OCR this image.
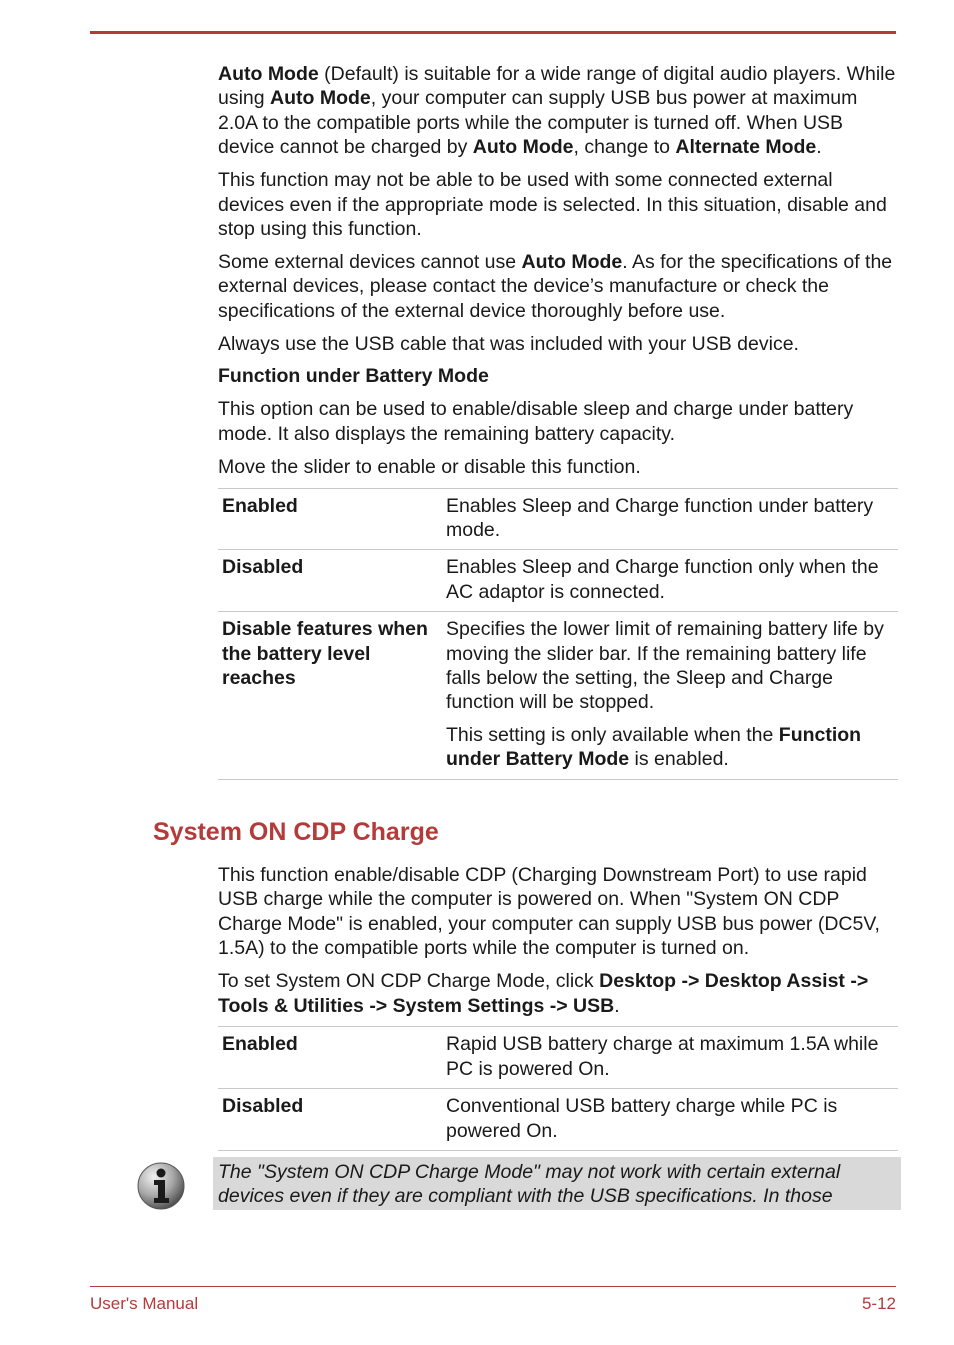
Auto Mode (Default) is suitable for a wide range of digital audio players. While using Auto Mode, your computer can supply USB bus power at maximum 2.0A to the compatible ports while the computer is turned off. When USB device cannot be charged by Auto Mode, change to Alternate Mode.

This function may not be able to be used with some connected external devices even if the appropriate mode is selected. In this situation, disable and stop using this function.

Some external devices cannot use Auto Mode. As for the specifications of the external devices, please contact the device’s manufacture or check the specifications of the external device thoroughly before use.

Always use the USB cable that was included with your USB device.

Function under Battery Mode

This option can be used to enable/disable sleep and charge under battery mode. It also displays the remaining battery capacity.

Move the slider to enable or disable this function.

Enabled	Enables Sleep and Charge function under battery mode.
Disabled	Enables Sleep and Charge function only when the AC adaptor is connected.
Disable features when the battery level reaches	Specifies the lower limit of remaining battery life by moving the slider bar. If the remaining battery life falls below the setting, the Sleep and Charge function will be stopped.

This setting is only available when the Function under Battery Mode is enabled.

System ON CDP Charge

This function enable/disable CDP (Charging Downstream Port) to use rapid USB charge while the computer is powered on. When "System ON CDP Charge Mode" is enabled, your computer can supply USB bus power (DC5V, 1.5A) to the compatible ports while the computer is turned on.

To set System ON CDP Charge Mode, click Desktop -> Desktop Assist -> Tools & Utilities -> System Settings -> USB.

Enabled	Rapid USB battery charge at maximum 1.5A while PC is powered On.
Disabled	Conventional USB battery charge while PC is powered On.

The "System ON CDP Charge Mode" may not work with certain external devices even if they are compliant with the USB specifications. In those

User's Manual	5-12
